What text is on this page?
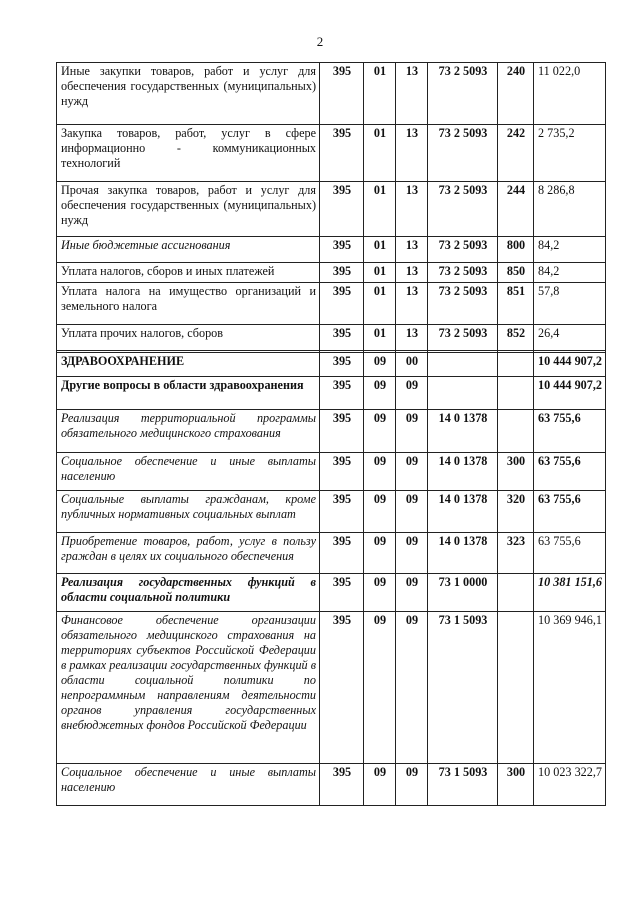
2
Иные закупки товаров, работ и услуг для обеспечения государственных (муниципальных) нужд	395	01	13	73 2 5093	240	11 022,0
Закупка товаров, работ, услуг в сфере информационно - коммуникационных технологий	395	01	13	73 2 5093	242	2 735,2
Прочая закупка товаров, работ и услуг для обеспечения государственных (муниципальных) нужд	395	01	13	73 2 5093	244	8 286,8
Иные бюджетные ассигнования	395	01	13	73 2 5093	800	84,2
Уплата налогов, сборов и иных платежей	395	01	13	73 2 5093	850	84,2
Уплата налога на имущество организаций и земельного налога	395	01	13	73 2 5093	851	57,8
Уплата прочих налогов, сборов	395	01	13	73 2 5093	852	26,4

ЗДРАВООХРАНЕНИЕ	395	09	00			10 444 907,2
Другие вопросы в области здравоохранения	395	09	09			10 444 907,2
Реализация территориальной программы обязательного медицинского страхования	395	09	09	14 0 1378		63 755,6
Социальное обеспечение и иные выплаты населению	395	09	09	14 0 1378	300	63 755,6
Социальные выплаты гражданам, кроме публичных нормативных социальных выплат	395	09	09	14 0 1378	320	63 755,6
Приобретение товаров, работ, услуг в пользу граждан в целях их социального обеспечения	395	09	09	14 0 1378	323	63 755,6
Реализация государственных функций в области социальной политики	395	09	09	73 1 0000		10 381 151,6
Финансовое обеспечение организации обязательного медицинского страхования на территориях субъектов Российской Федерации в рамках реализации государственных функций в области социальной политики по непрограммным направлениям деятельности органов управления государственных внебюджетных фондов Российской Федерации	395	09	09	73 1 5093		10 369 946,1
Социальное обеспечение и иные выплаты населению	395	09	09	73 1 5093	300	10 023 322,7
